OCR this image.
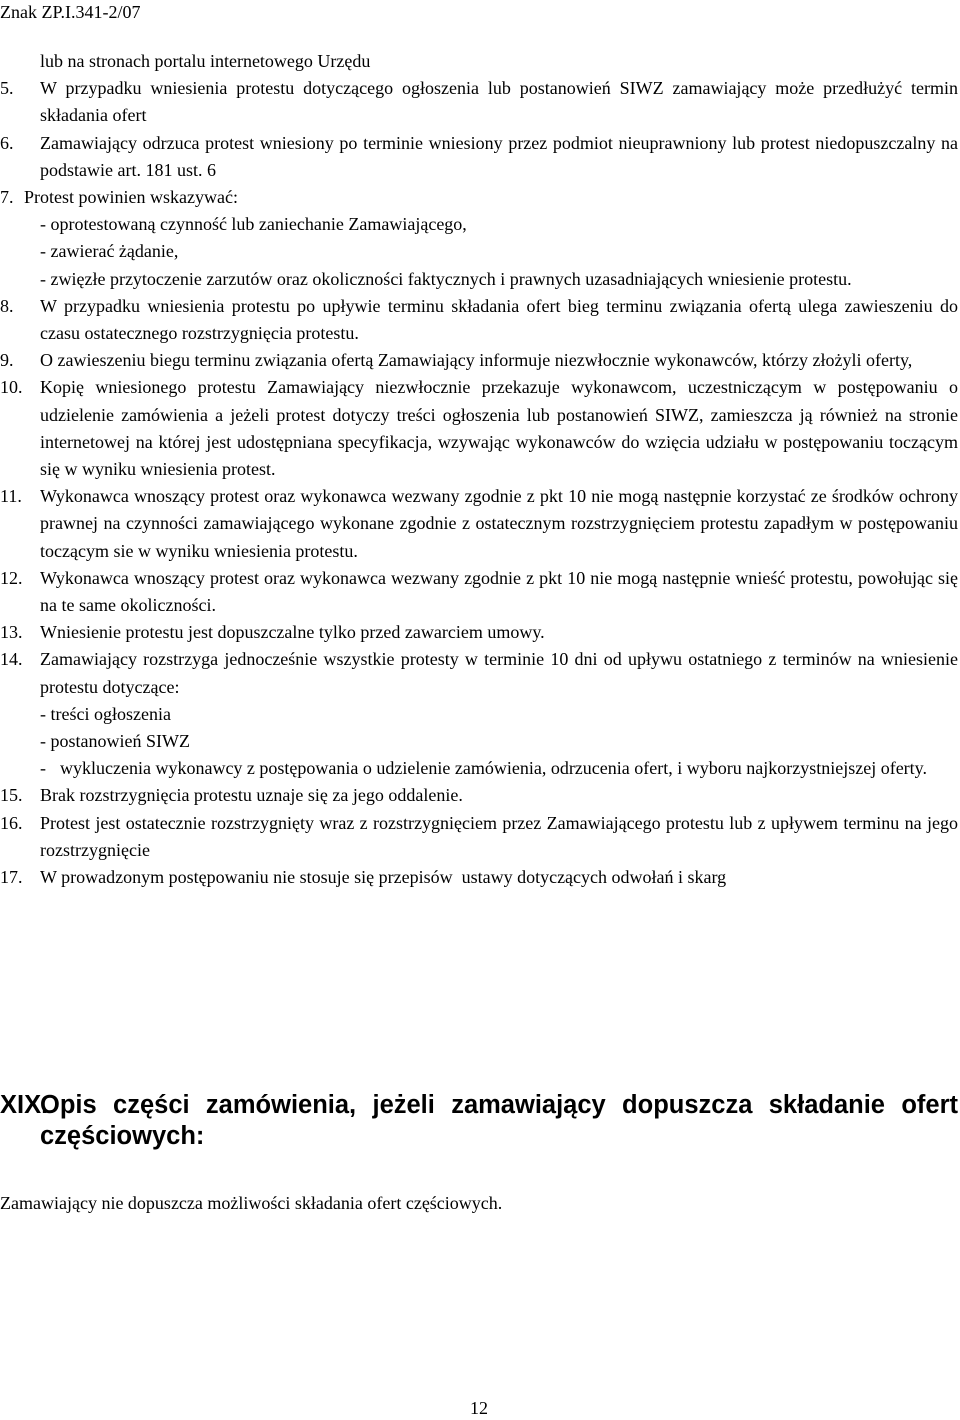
Znak ZP.I.341-2/07
lub na stronach portalu internetowego Urzędu
5.	W przypadku wniesienia protestu dotyczącego ogłoszenia lub postanowień SIWZ zamawiający może przedłużyć termin składania ofert
6.	Zamawiający odrzuca protest wniesiony po terminie wniesiony przez podmiot nieuprawniony lub protest niedopuszczalny na podstawie art. 181 ust. 6
7. Protest powinien wskazywać:
- oprotestowaną czynność lub zaniechanie Zamawiającego,
- zawierać żądanie,
- zwięzłe przytoczenie zarzutów oraz okoliczności faktycznych i prawnych uzasadniających wniesienie protestu.
8.	W przypadku wniesienia protestu po upływie terminu składania ofert bieg terminu związania ofertą ulega zawieszeniu do czasu ostatecznego rozstrzygnięcia protestu.
9.	O zawieszeniu biegu terminu związania ofertą Zamawiający informuje niezwłocznie wykonawców, którzy złożyli oferty,
10. Kopię wniesionego protestu Zamawiający niezwłocznie przekazuje wykonawcom, uczestniczącym w postępowaniu o udzielenie zamówienia a jeżeli protest dotyczy treści ogłoszenia lub postanowień SIWZ, zamieszcza ją również na stronie internetowej na której jest udostępniana specyfikacja, wzywając wykonawców do wzięcia udziału w postępowaniu toczącym się w wyniku wniesienia protest.
11.	Wykonawca wnoszący protest oraz wykonawca wezwany zgodnie z pkt 10 nie mogą następnie korzystać ze środków ochrony prawnej na czynności zamawiającego wykonane zgodnie z ostatecznym rozstrzygnięciem protestu zapadłym w postępowaniu toczącym sie w wyniku wniesienia protestu.
12. Wykonawca wnoszący protest oraz wykonawca wezwany zgodnie z pkt 10 nie mogą następnie wnieść protestu, powołując się na te same okoliczności.
13. Wniesienie protestu jest dopuszczalne tylko przed zawarciem umowy.
14. Zamawiający rozstrzyga jednocześnie wszystkie protesty w terminie 10 dni od upływu ostatniego z terminów na wniesienie protestu dotyczące:
- treści ogłoszenia
- postanowień SIWZ
- wykluczenia wykonawcy z postępowania o udzielenie zamówienia, odrzucenia ofert, i wyboru najkorzystniejszej oferty.
15. Brak rozstrzygnięcia protestu uznaje się za jego oddalenie.
16. Protest jest ostatecznie rozstrzygnięty wraz z rozstrzygnięciem przez Zamawiającego protestu lub z upływem terminu na jego rozstrzygnięcie
17. W prowadzonym postępowaniu nie stosuje się przepisów  ustawy dotyczących odwołań i skarg
XIX.
Opis części zamówienia, jeżeli zamawiający dopuszcza składanie ofert częściowych:
Zamawiający nie dopuszcza możliwości składania ofert częściowych.
12
